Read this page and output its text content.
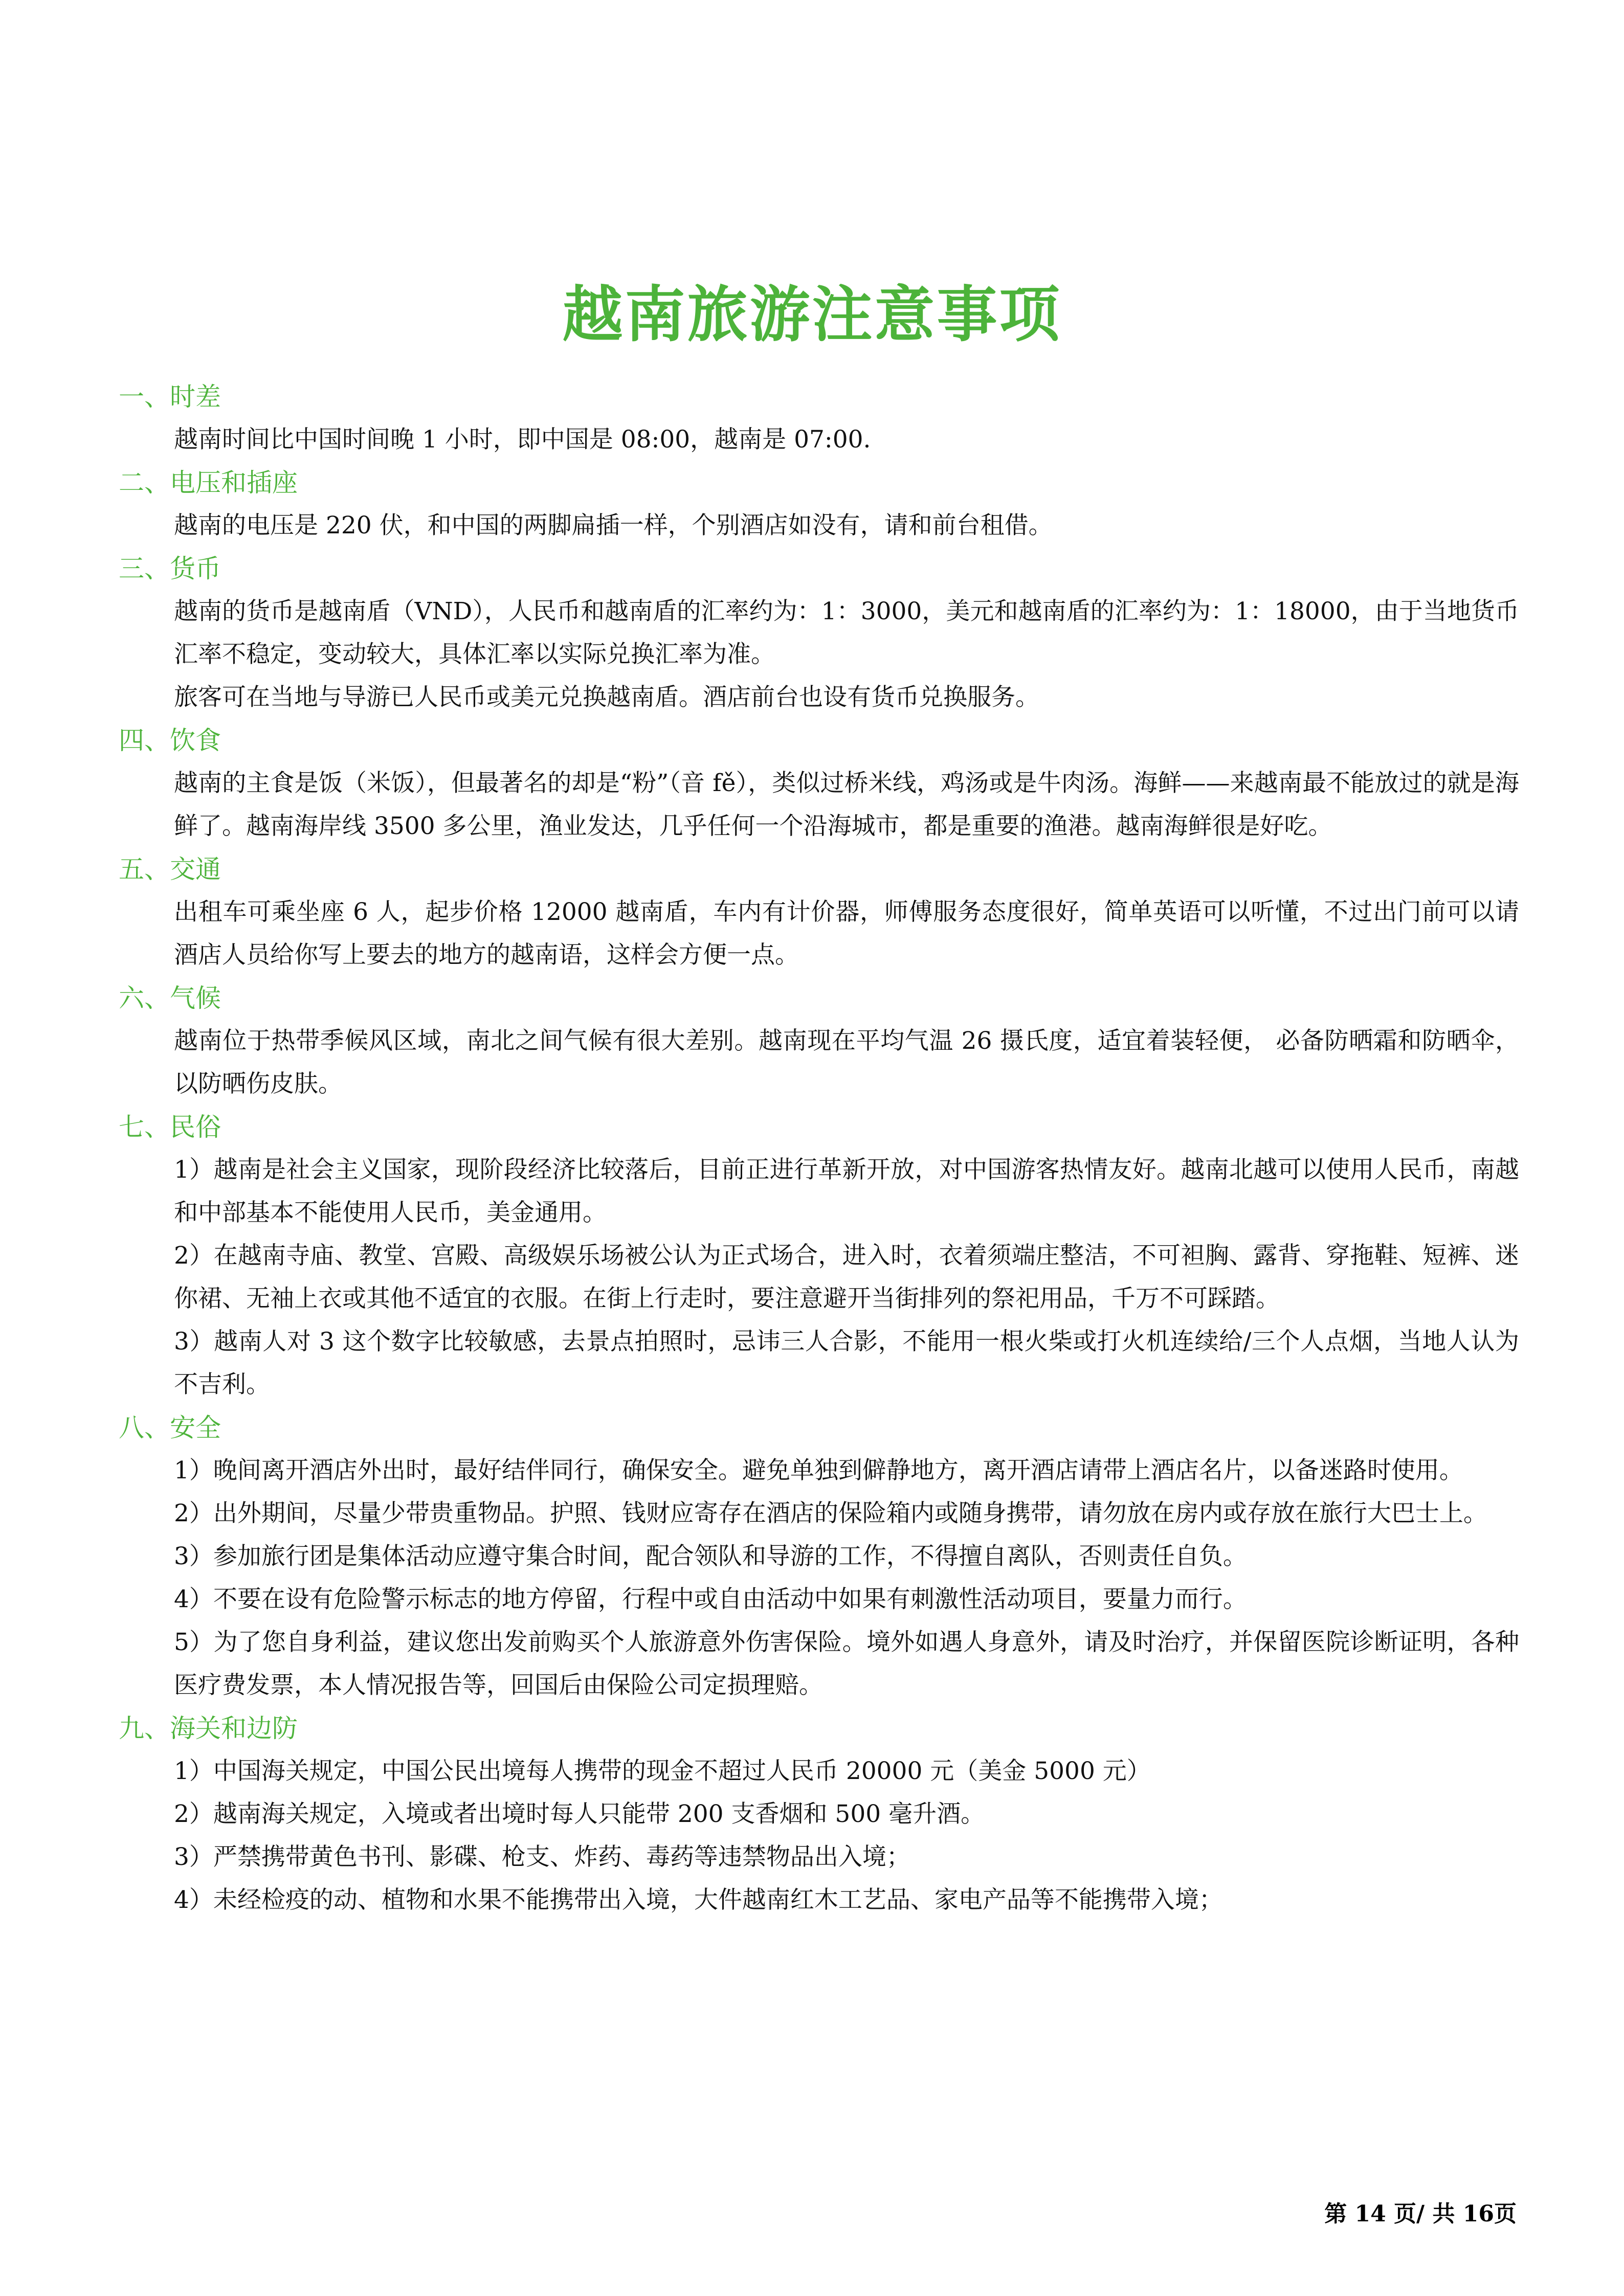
越南旅游注意事项
一、时差
越南时间比中国时间晚 1 小时，即中国是 08:00，越南是 07:00.
二、电压和插座
越南的电压是 220 伏，和中国的两脚扁插一样，个别酒店如没有，请和前台租借。
三、货币
越南的货币是越南盾（VND），人民币和越南盾的汇率约为：1：3000，美元和越南盾的汇率约为：1：18000，由于当地货币汇率不稳定，变动较大，具体汇率以实际兑换汇率为准。
旅客可在当地与导游已人民币或美元兑换越南盾。酒店前台也设有货币兑换服务。
四、饮食
越南的主食是饭（米饭），但最著名的却是“粉”（音 fě），类似过桥米线，鸡汤或是牛肉汤。海鲜——来越南最不能放过的就是海鲜了。越南海岸线 3500 多公里，渔业发达，几乎任何一个沿海城市，都是重要的渔港。越南海鲜很是好吃。
五、交通
出租车可乘坐座 6 人，起步价格 12000 越南盾，车内有计价器，师傅服务态度很好，简单英语可以听懂，不过出门前可以请酒店人员给你写上要去的地方的越南语，这样会方便一点。
六、气候
越南位于热带季候风区域，南北之间气候有很大差别。越南现在平均气温 26 摄氏度，适宜着装轻便， 必备防晒霜和防晒伞，以防晒伤皮肤。
七、民俗
1）越南是社会主义国家，现阶段经济比较落后，目前正进行革新开放，对中国游客热情友好。越南北越可以使用人民币，南越和中部基本不能使用人民币，美金通用。
2）在越南寺庙、教堂、宫殿、高级娱乐场被公认为正式场合，进入时，衣着须端庄整洁，不可袒胸、露背、穿拖鞋、短裤、迷你裙、无袖上衣或其他不适宜的衣服。在街上行走时，要注意避开当街排列的祭祀用品，千万不可踩踏。
3）越南人对 3 这个数字比较敏感，去景点拍照时，忌讳三人合影，不能用一根火柴或打火机连续给/三个人点烟，当地人认为不吉利。
八、安全
1）晚间离开酒店外出时，最好结伴同行，确保安全。避免单独到僻静地方，离开酒店请带上酒店名片，以备迷路时使用。
2）出外期间，尽量少带贵重物品。护照、钱财应寄存在酒店的保险箱内或随身携带，请勿放在房内或存放在旅行大巴士上。
3）参加旅行团是集体活动应遵守集合时间，配合领队和导游的工作，不得擅自离队，否则责任自负。
4）不要在设有危险警示标志的地方停留，行程中或自由活动中如果有刺激性活动项目，要量力而行。
5）为了您自身利益，建议您出发前购买个人旅游意外伤害保险。境外如遇人身意外，请及时治疗，并保留医院诊断证明，各种医疗费发票，本人情况报告等，回国后由保险公司定损理赔。
九、海关和边防
1）中国海关规定，中国公民出境每人携带的现金不超过人民币 20000 元（美金 5000 元）
2）越南海关规定，入境或者出境时每人只能带 200 支香烟和 500 毫升酒。
3）严禁携带黄色书刊、影碟、枪支、炸药、毒药等违禁物品出入境；
4）未经检疫的动、植物和水果不能携带出入境，大件越南红木工艺品、家电产品等不能携带入境；
第 14 页/ 共 16页
